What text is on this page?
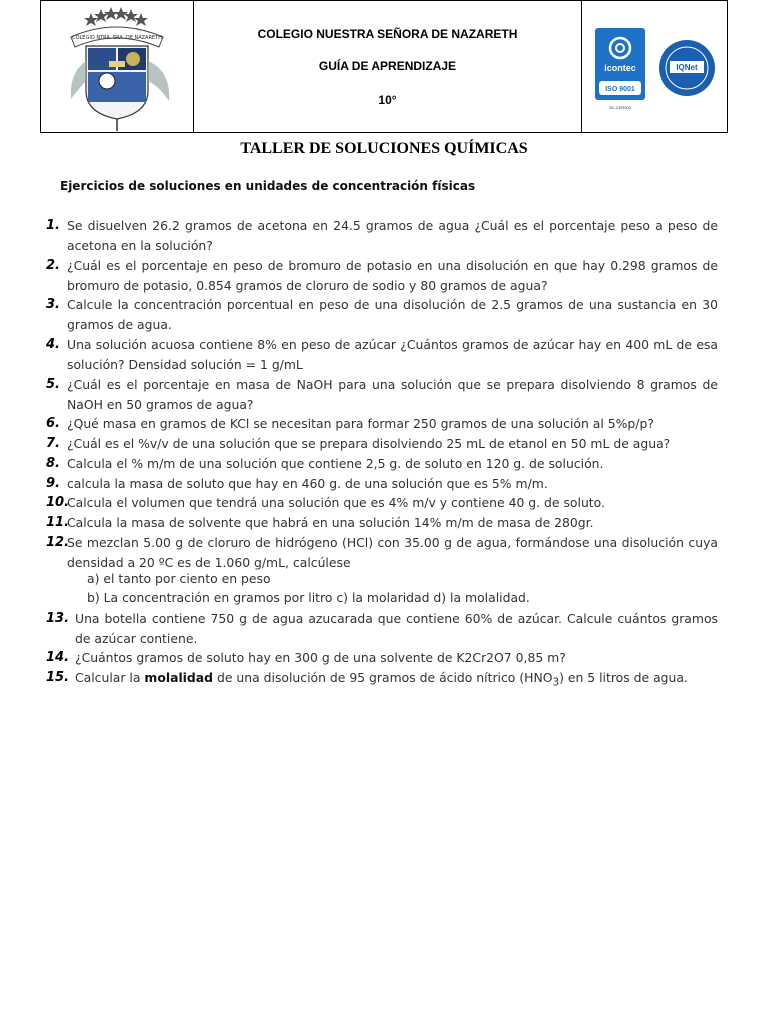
COLEGIO NTRA. SRA. DE NAZARETH
icontec
ISO 9001
SC-CER000
IQNet
COLEGIO NUESTRA SEÑORA DE NAZARETH
GUÍA DE APRENDIZAJE
10°
TALLER DE SOLUCIONES QUÍMICAS
Ejercicios de soluciones en unidades de concentración físicas
1. Se disuelven 26.2 gramos de acetona en 24.5 gramos de agua ¿Cuál es el porcentaje peso a peso de acetona en la solución?
2. ¿Cuál es el porcentaje en peso de bromuro de potasio en una disolución en que hay 0.298 gramos de bromuro de potasio, 0.854 gramos de cloruro de sodio y 80 gramos de agua?
3. Calcule la concentración porcentual en peso de una disolución de 2.5 gramos de una sustancia en 30 gramos de agua.
4. Una solución acuosa contiene 8% en peso de azúcar ¿Cuántos gramos de azúcar hay en 400 mL de esa solución? Densidad solución = 1 g/mL
5. ¿Cuál es el porcentaje en masa de NaOH para una solución que se prepara disolviendo 8 gramos de NaOH en 50 gramos de agua?
6. ¿Qué masa en gramos de KCl se necesitan para formar 250 gramos de una solución al 5%p/p?
7. ¿Cuál es el %v/v de una solución que se prepara disolviendo 25 mL de etanol en 50 mL de agua?
8. Calcula el % m/m de una solución que contiene 2,5 g. de soluto en 120 g. de solución.
9. calcula la masa de soluto que hay en 460 g. de una solución que es 5% m/m.
10.
Calcula el volumen que tendrá una solución que es 4% m/v y contiene 40 g. de soluto.
11.
Calcula la masa de solvente que habrá en una solución 14% m/m de masa de 280gr.
12.
Se mezclan 5.00 g de cloruro de hidrógeno (HCl) con 35.00 g de agua, formándose una disolución cuya densidad a 20 ºC es de 1.060 g/mL, calcúlese
a) el tanto por ciento en peso
b) La concentración en gramos por litro c) la molaridad d) la molalidad.
13. Una botella contiene 750 g de agua azucarada que contiene 60% de azúcar. Calcule cuántos gramos de azúcar contiene.
14. ¿Cuántos gramos de soluto hay en 300 g de una solvente de K2Cr2O7 0,85 m?
15. Calcular la molalidad de una disolución de 95 gramos de ácido nítrico $(HNO_3)$ en 5 litros de agua.
